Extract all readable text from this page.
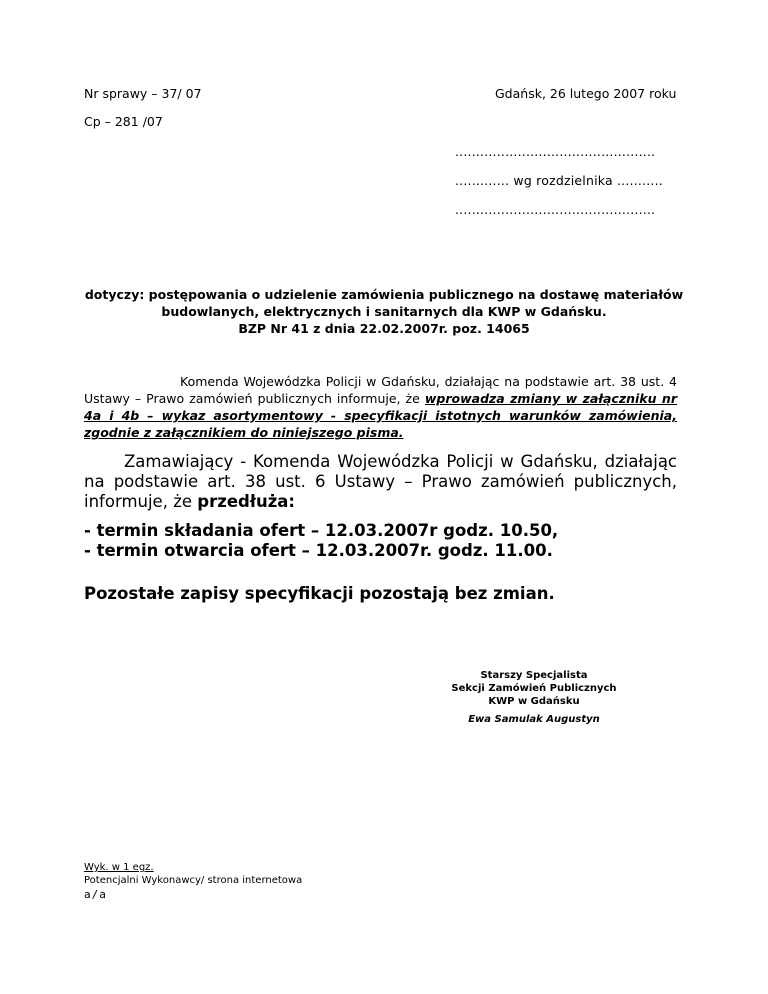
Nr sprawy – 37/ 07	Gdańsk, 26 lutego 2007 roku
Cp – 281 /07
................................................
............. wg rozdzielnika ...........
................................................
dotyczy: postępowania o udzielenie zamówienia publicznego na dostawę materiałów
budowlanych, elektrycznych i sanitarnych dla KWP w Gdańsku.
BZP Nr 41 z dnia 22.02.2007r. poz. 14065
Komenda Wojewódzka Policji w Gdańsku, działając na podstawie art. 38 ust. 4 Ustawy – Prawo zamówień publicznych informuje, że wprowadza zmiany w załączniku nr 4a i 4b – wykaz asortymentowy - specyfikacji istotnych warunków zamówienia, zgodnie z załącznikiem do niniejszego pisma.
Zamawiający - Komenda Wojewódzka Policji w Gdańsku, działając na podstawie art. 38 ust. 6 Ustawy – Prawo zamówień publicznych, informuje, że przedłuża:
- termin składania ofert – 12.03.2007r godz. 10.50,
- termin otwarcia ofert – 12.03.2007r. godz. 11.00.
Pozostałe zapisy specyfikacji pozostają bez zmian.
Starszy Specjalista
Sekcji Zamówień Publicznych
KWP w Gdańsku
Ewa Samulak Augustyn
Wyk. w 1 egz.
Potencjalni Wykonawcy/ strona internetowa
a/a
